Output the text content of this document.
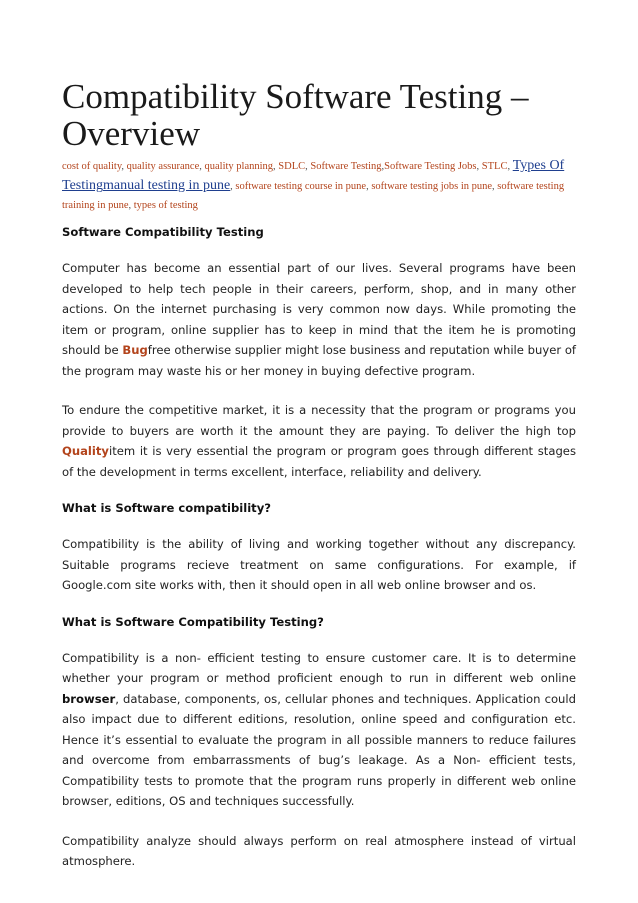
Compatibility Software Testing – Overview
cost of quality, quality assurance, quality planning, SDLC, Software Testing,Software Testing Jobs, STLC, Types Of Testingmanual testing in pune, software testing course in pune, software testing jobs in pune, software testing training in pune, types of testing

Software Compatibility Testing

Computer has become an essential part of our lives. Several programs have been developed to help tech people in their careers, perform, shop, and in many other actions. On the internet purchasing is very common now days. While promoting the item or program, online supplier has to keep in mind that the item he is promoting should be Bugfree otherwise supplier might lose business and reputation while buyer of the program may waste his or her money in buying defective program.

To endure the competitive market, it is a necessity that the program or programs you provide to buyers are worth it the amount they are paying. To deliver the high top Qualityitem it is very essential the program or program goes through different stages of the development in terms excellent, interface, reliability and delivery.

What is Software compatibility?

Compatibility is the ability of living and working together without any discrepancy. Suitable programs recieve treatment on same configurations. For example, if Google.com site works with, then it should open in all web online browser and os.

What is Software Compatibility Testing?

Compatibility is a non- efficient testing to ensure customer care. It is to determine whether your program or method proficient enough to run in different web online browser, database, components, os, cellular phones and techniques. Application could also impact due to different editions, resolution, online speed and configuration etc. Hence it’s essential to evaluate the program in all possible manners to reduce failures and overcome from embarrassments of bug’s leakage. As a Non- efficient tests, Compatibility tests to promote that the program runs properly in different web online browser, editions, OS and techniques successfully.

Compatibility analyze should always perform on real atmosphere instead of virtual atmosphere.
